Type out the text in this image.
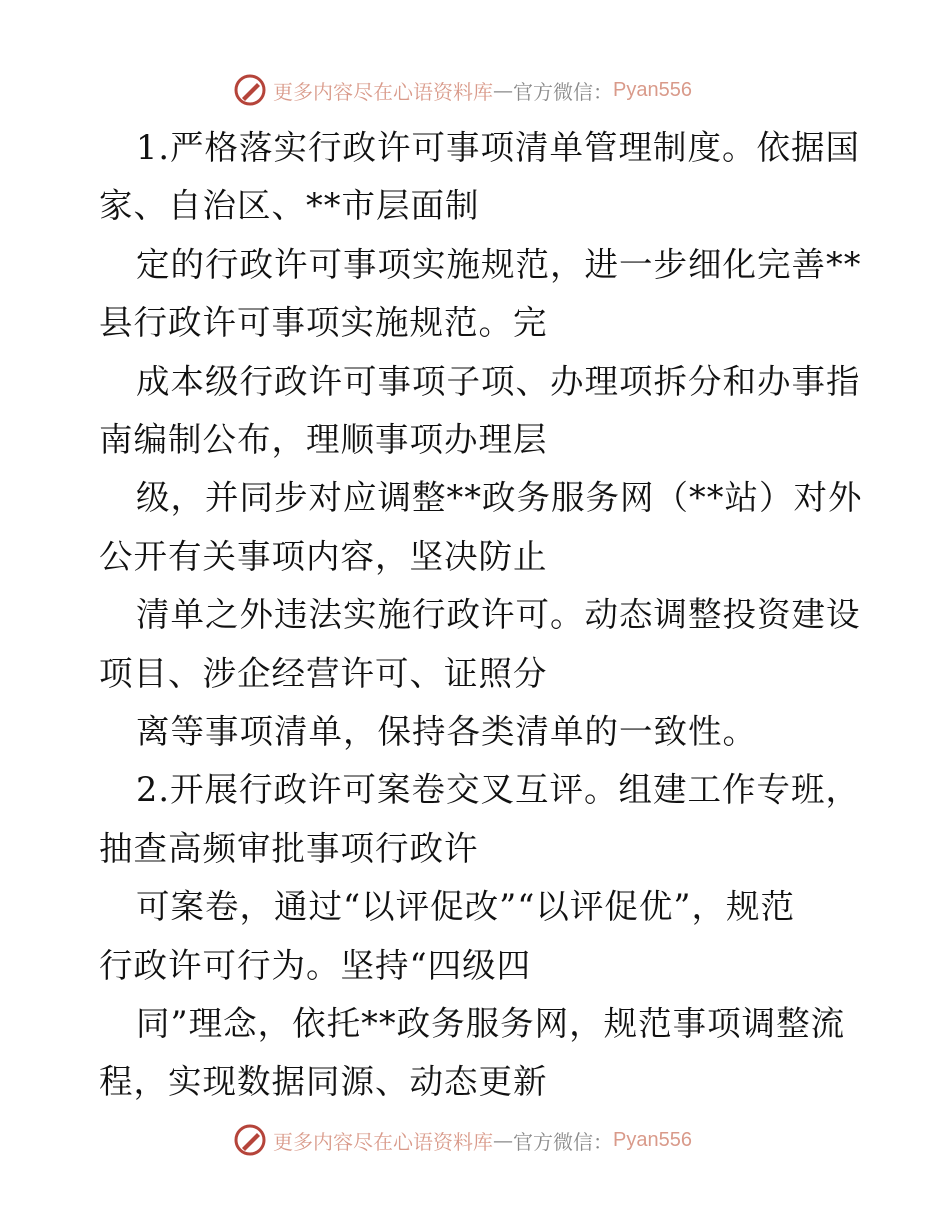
更多内容尽在心语资料库 — 官方微信： Pyan556
1.严格落实行政许可事项清单管理制度。依据国
家、自治区、**市层面制
定的行政许可事项实施规范，进一步细化完善**
县行政许可事项实施规范。完
成本级行政许可事项子项、办理项拆分和办事指
南编制公布，理顺事项办理层
级，并同步对应调整**政务服务网（**站）对外
公开有关事项内容，坚决防止
清单之外违法实施行政许可。动态调整投资建设
项目、涉企经营许可、证照分
离等事项清单，保持各类清单的一致性。
2.开展行政许可案卷交叉互评。组建工作专班，
抽查高频审批事项行政许
可案卷，通过“以评促改”“以评促优”，规范
行政许可行为。坚持“四级四
同”理念，依托**政务服务网，规范事项调整流
程，实现数据同源、动态更新
更多内容尽在心语资料库 — 官方微信： Pyan556
